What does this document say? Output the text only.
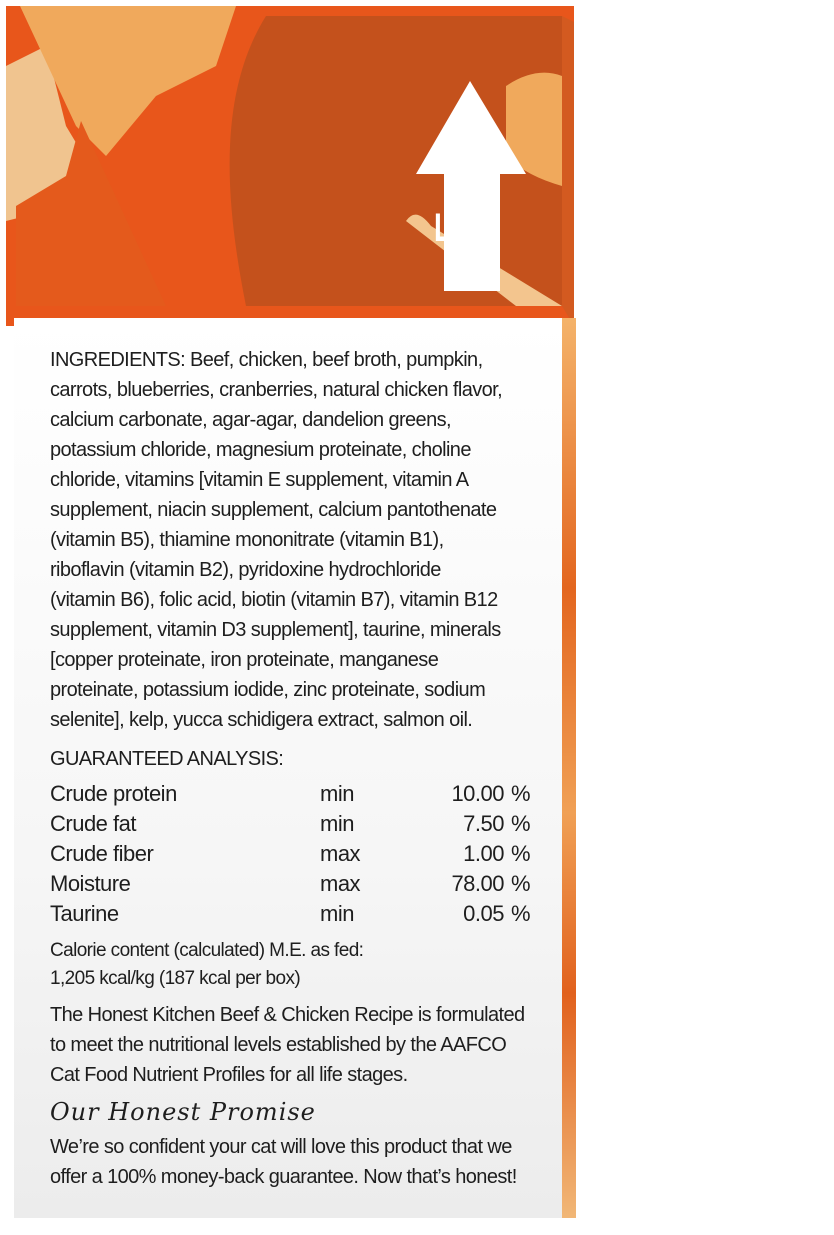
LIFT
INGREDIENTS: Beef, chicken, beef broth, pumpkin,
carrots, blueberries, cranberries, natural chicken flavor,
calcium carbonate, agar-agar, dandelion greens,
potassium chloride, magnesium proteinate, choline
chloride, vitamins [vitamin E supplement, vitamin A
supplement, niacin supplement, calcium pantothenate
(vitamin B5), thiamine mononitrate (vitamin B1),
riboflavin (vitamin B2), pyridoxine hydrochloride
(vitamin B6), folic acid, biotin (vitamin B7), vitamin B12
supplement, vitamin D3 supplement], taurine, minerals
[copper proteinate, iron proteinate, manganese
proteinate, potassium iodide, zinc proteinate, sodium
selenite], kelp, yucca schidigera extract, salmon oil.
GUARANTEED ANALYSIS:
Crude protein	min	10.00 %
Crude fat	min	7.50 %
Crude fiber	max	1.00 %
Moisture	max	78.00 %
Taurine	min	0.05 %
Calorie content (calculated) M.E. as fed:
1,205 kcal/kg (187 kcal per box)
The Honest Kitchen Beef & Chicken Recipe is formulated
to meet the nutritional levels established by the AAFCO
Cat Food Nutrient Profiles for all life stages.
Our Honest Promise
We’re so confident your cat will love this product that we
offer a 100% money-back guarantee. Now that’s honest!
